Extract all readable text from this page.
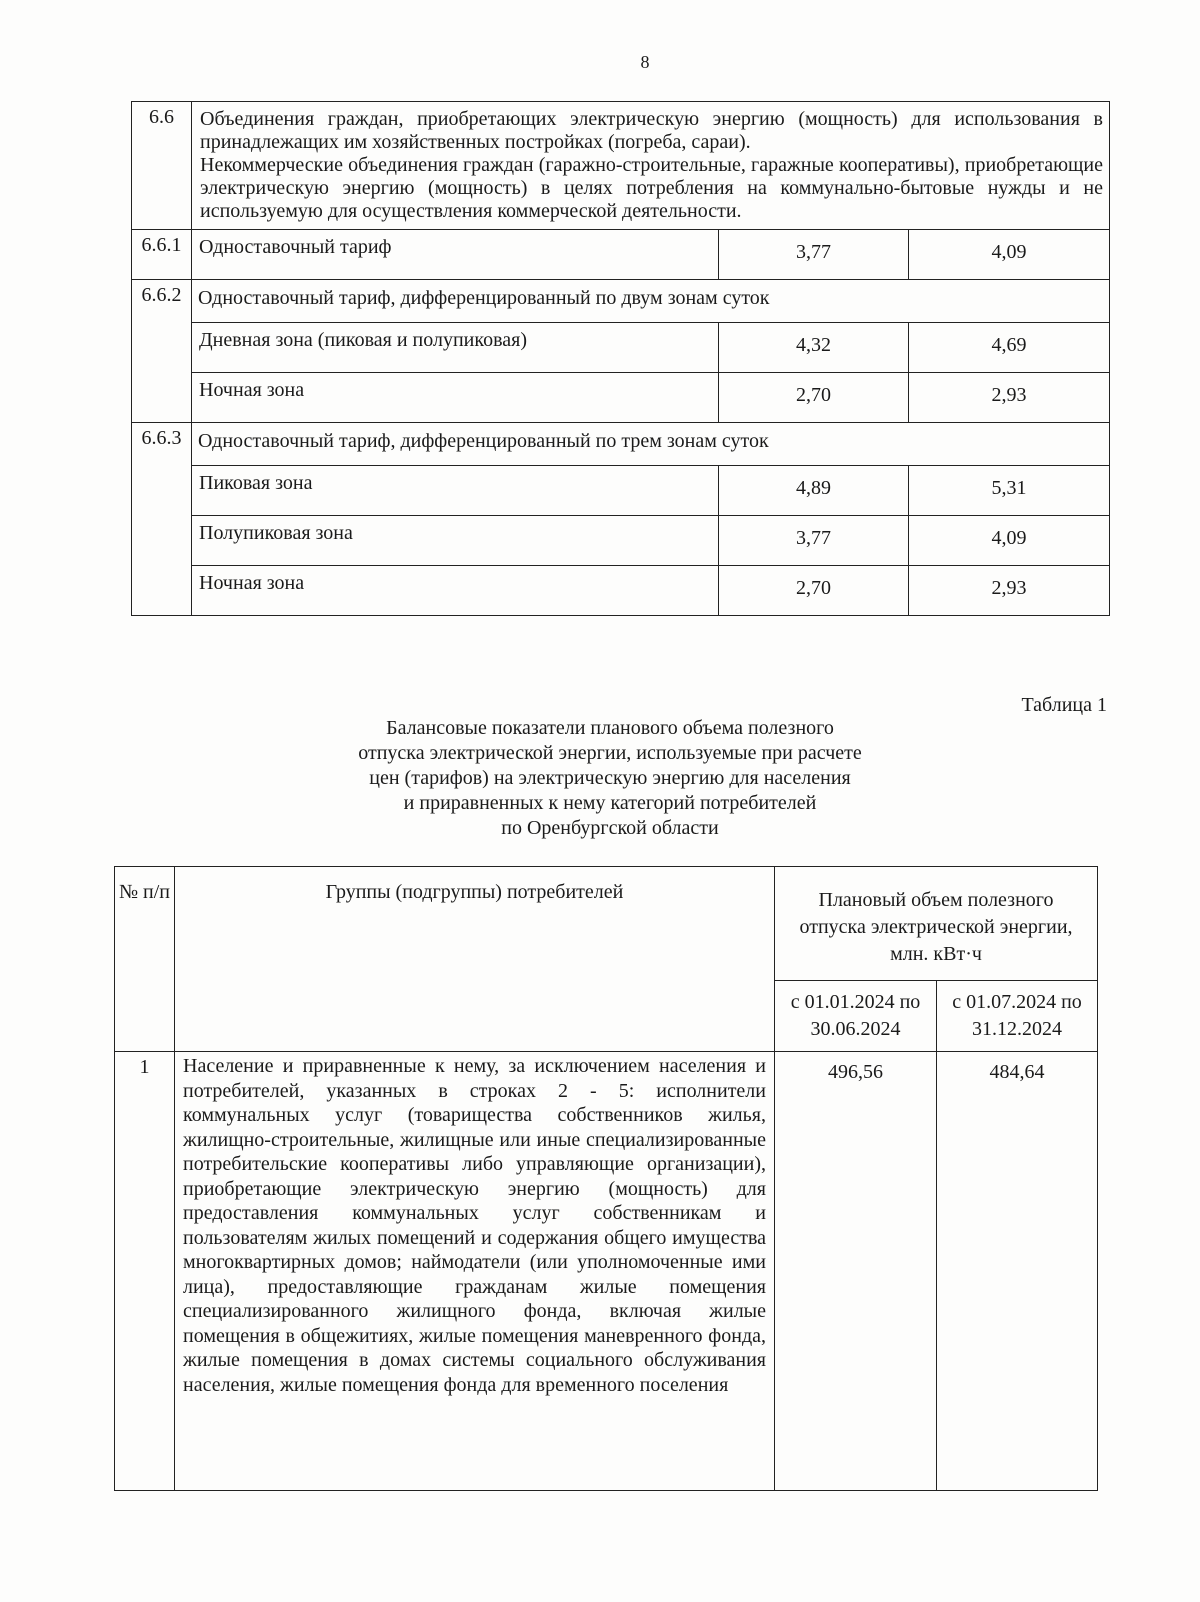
8
6.6	Объединения граждан, приобретающих электрическую энергию (мощность) для использования в принадлежащих им хозяйственных постройках (погреба, сараи).

Некоммерческие объединения граждан (гаражно-строительные, гаражные кооперативы), приобретающие электрическую энергию (мощность) в целях потребления на коммунально-бытовые нужды и не используемую для осуществления коммерческой деятельности.		

6.6.1	Одноставочный тариф	3,77	4,09
6.6.2	Одноставочный тариф, дифференцированный по двум зонам суток		
	Дневная зона (пиковая и полупиковая)	4,32	4,69
	Ночная зона	2,70	2,93
6.6.3	Одноставочный тариф, дифференцированный по трем зонам суток		
	Пиковая зона	4,89	5,31
	Полупиковая зона	3,77	4,09
	Ночная зона	2,70	2,93
Таблица 1
Балансовые показатели планового объема полезного
отпуска электрической энергии, используемые при расчете
цен (тарифов) на электрическую энергию для населения
и приравненных к нему категорий потребителей
по Оренбургской области
№ п/п	Группы (подгруппы) потребителей	Плановый объем полезного отпуска электрической энергии, млн. кВт·ч	
		с 01.01.2024 по 30.06.2024	с 01.07.2024 по 31.12.2024
1	Население и приравненные к нему, за исключением населения и потребителей, указанных в строках 2 - 5: исполнители коммунальных услуг (товарищества собственников жилья, жилищно-строительные, жилищные или иные специализированные потребительские кооперативы либо управляющие организации), приобретающие электрическую энергию (мощность) для предоставления коммунальных услуг собственникам и пользователям жилых помещений и содержания общего имущества многоквартирных домов; наймодатели (или уполномоченные ими лица), предоставляющие гражданам жилые помещения специализированного жилищного фонда, включая жилые помещения в общежитиях, жилые помещения маневренного фонда, жилые помещения в домах системы социального обслуживания населения, жилые помещения фонда для временного поселения	496,56	484,64
